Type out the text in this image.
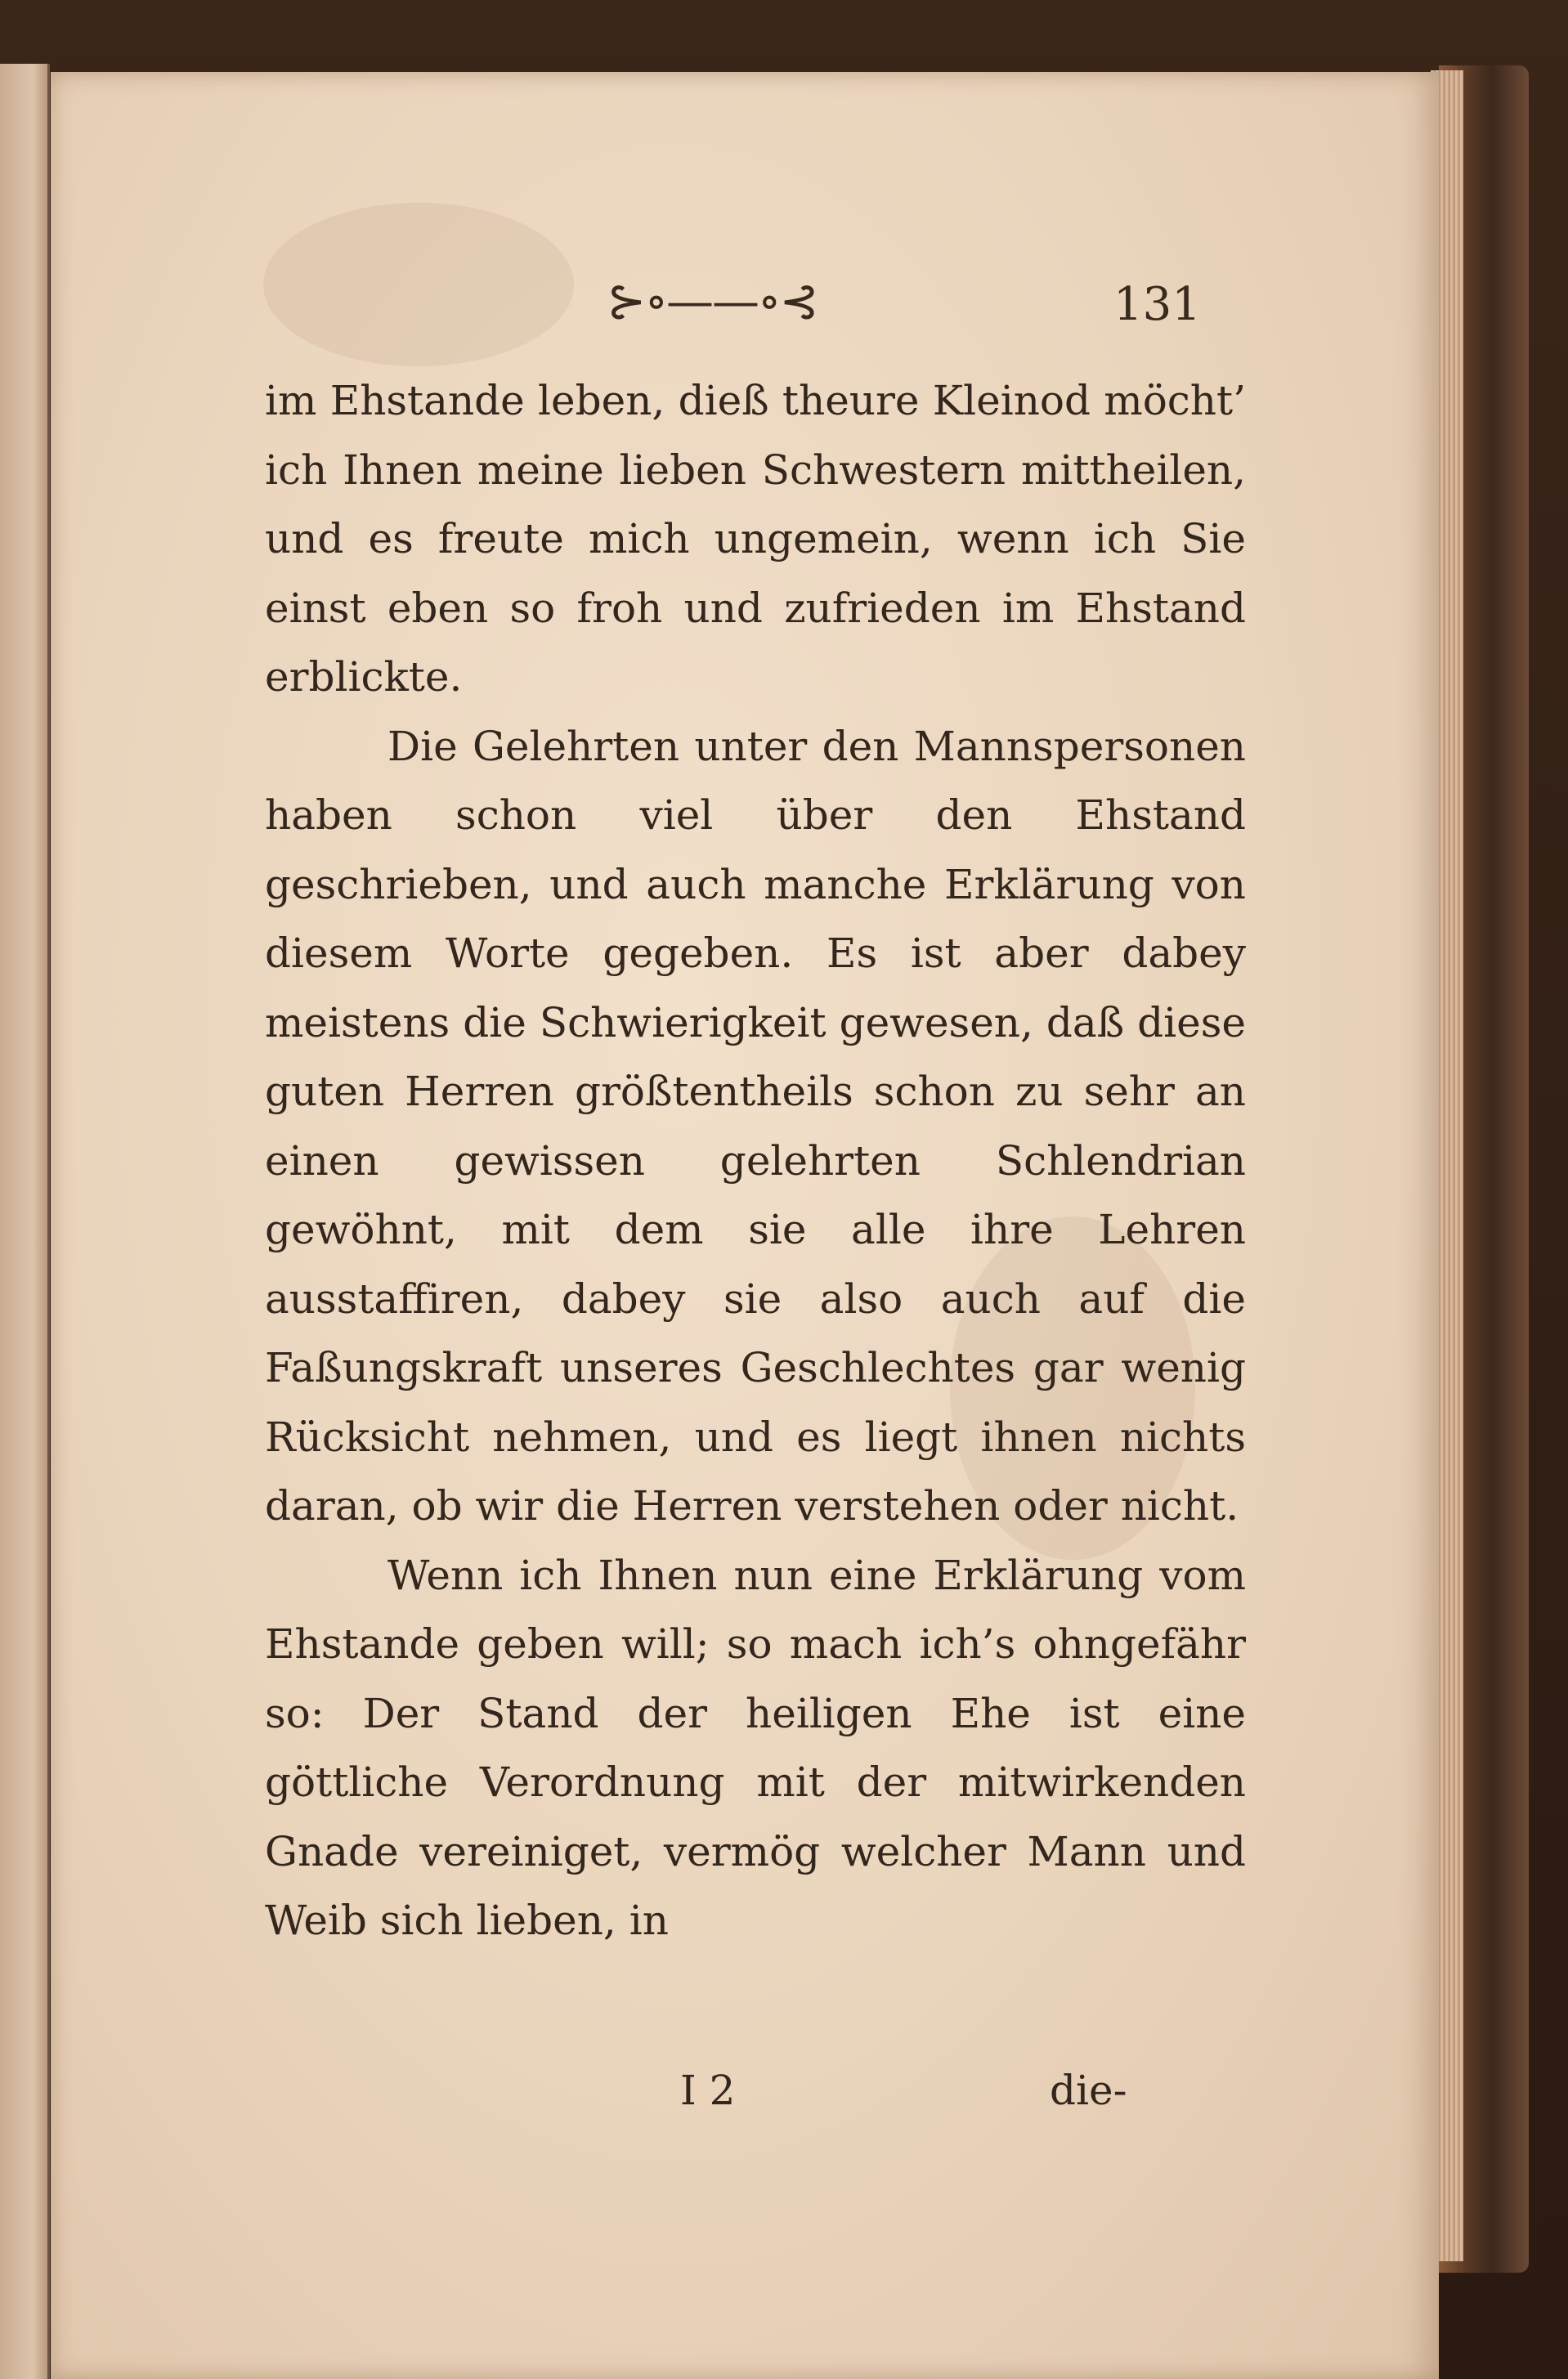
⊱∘——∘⊰	131

im Ehstande leben, dieß theure Kleinod möcht’ ich Ihnen meine lieben Schwestern mittheilen, und es freute mich ungemein, wenn ich Sie einst eben so froh und zufrieden im Ehstand erblickte.

Die Gelehrten unter den Mannspersonen haben schon viel über den Ehstand geschrieben, und auch manche Erklärung von diesem Worte gegeben. Es ist aber dabey meistens die Schwierigkeit gewesen, daß diese guten Herren größtentheils schon zu sehr an einen gewissen gelehrten Schlendrian gewöhnt, mit dem sie alle ihre Lehren ausstaffiren, dabey sie also auch auf die Faßungskraft unseres Geschlechtes gar wenig Rücksicht nehmen, und es liegt ihnen nichts daran, ob wir die Herren verstehen oder nicht.

Wenn ich Ihnen nun eine Erklärung vom Ehstande geben will; so mach ich’s ohngefähr so: Der Stand der heiligen Ehe ist eine göttliche Verordnung mit der mitwirkenden Gnade vereiniget, vermög welcher Mann und Weib sich lieben, in

I 2	die-
